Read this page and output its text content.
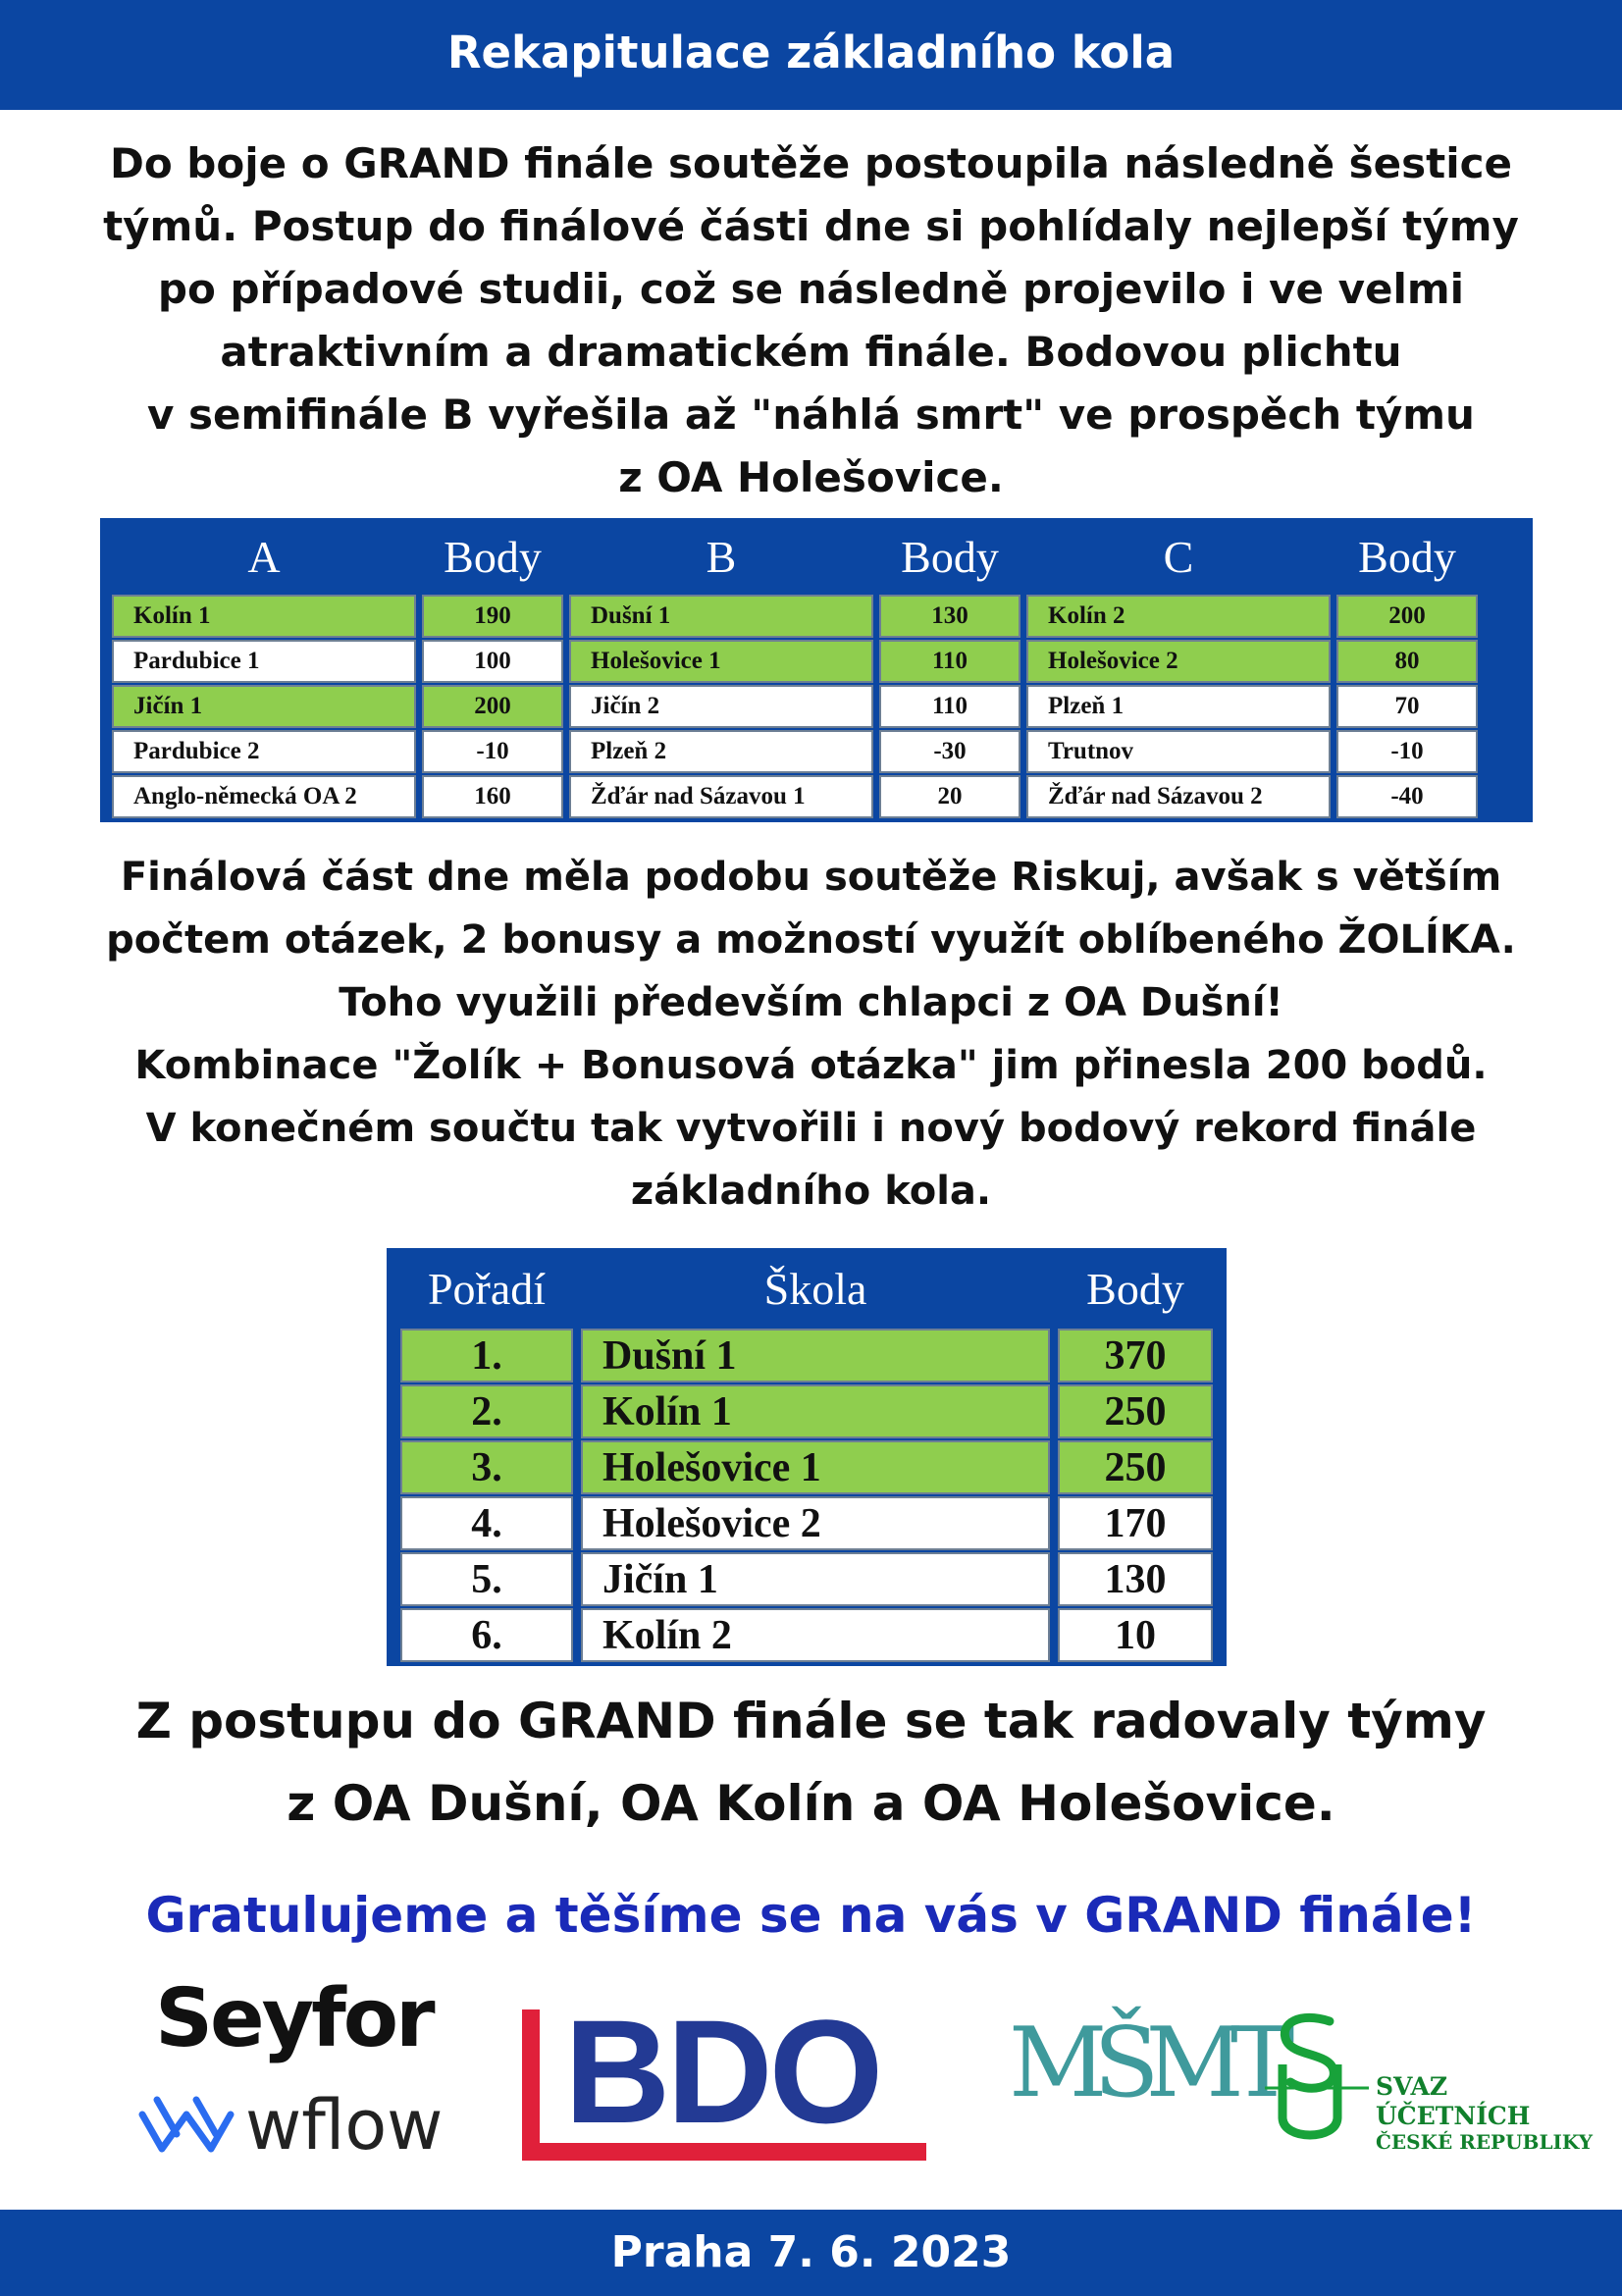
Rekapitulace základního kola

Do boje o GRAND finále soutěže postoupila následně šestice
týmů. Postup do finálové části dne si pohlídaly nejlepší týmy
po případové studii, což se následně projevilo i ve velmi
atraktivním a dramatickém finále. Bodovou plichtu
v semifinále B vyřešila až "náhlá smrt" ve prospěch týmu
z OA Holešovice.

A	Body	B	Body	C	Body
Kolín 1	190	Dušní 1	130	Kolín 2	200
Pardubice 1	100	Holešovice 1	110	Holešovice 2	80
Jičín 1	200	Jičín 2	110	Plzeň 1	70
Pardubice 2	-10	Plzeň 2	-30	Trutnov	-10
Anglo-německá OA 2	160	Žďár nad Sázavou 1	20	Žďár nad Sázavou 2	-40

Finálová část dne měla podobu soutěže Riskuj, avšak s větším
počtem otázek, 2 bonusy a možností využít oblíbeného ŽOLÍKA.
Toho využili především chlapci z OA Dušní!
Kombinace "Žolík + Bonusová otázka" jim přinesla 200 bodů.
V konečném součtu tak vytvořili i nový bodový rekord finále
základního kola.

Pořadí	Škola	Body
1.	Dušní 1	370
2.	Kolín 1	250
3.	Holešovice 1	250
4.	Holešovice 2	170
5.	Jičín 1	130
6.	Kolín 2	10

Z postupu do GRAND finále se tak radovaly týmy
z OA Dušní, OA Kolín a OA Holešovice.

Gratulujeme a těšíme se na vás v GRAND finále!

Seyfor
wflow BDO MŠMT	SVAZ
ÚČETNÍCH
ČESKÉ REPUBLIKY
Praha 7. 6. 2023
